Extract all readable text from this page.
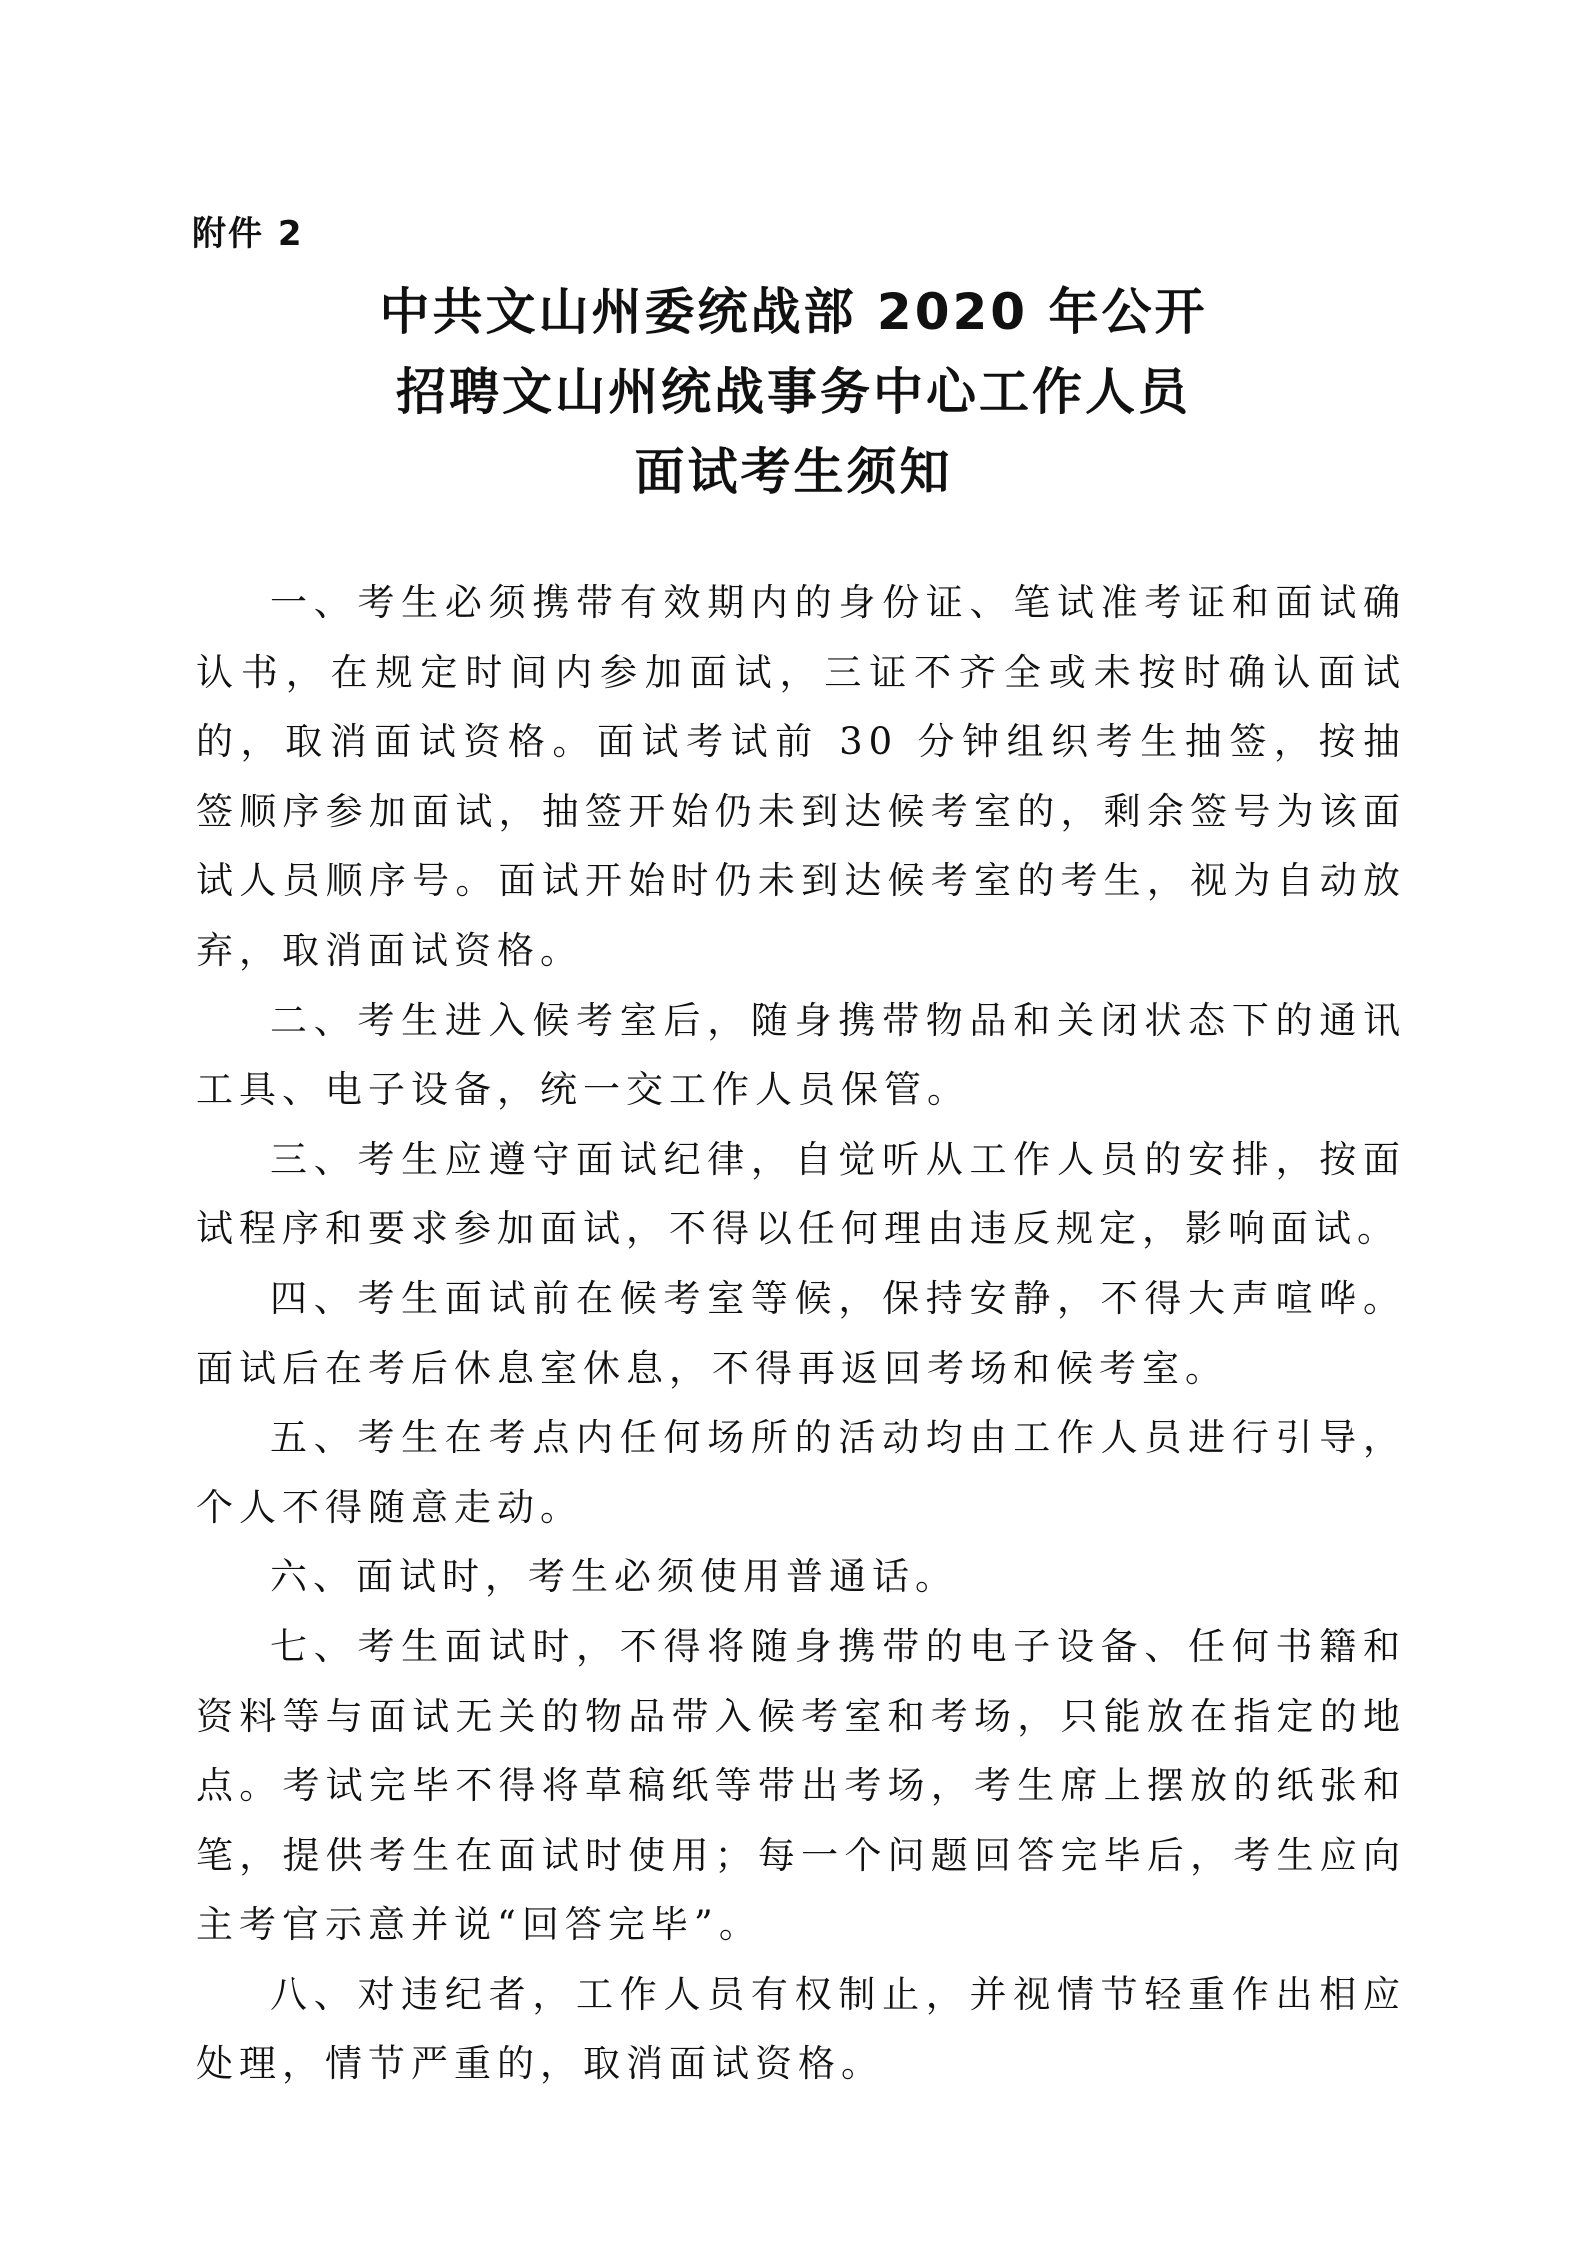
附件 2
中共文山州委统战部 2020 年公开
招聘文山州统战事务中心工作人员
面试考生须知

一、考生必须携带有效期内的身份证、笔试准考证和面试确认书，在规定时间内参加面试，三证不齐全或未按时确认面试的，取消面试资格。面试考试前 30 分钟组织考生抽签，按抽签顺序参加面试，抽签开始仍未到达候考室的，剩余签号为该面试人员顺序号。面试开始时仍未到达候考室的考生，视为自动放弃，取消面试资格。

二、考生进入候考室后，随身携带物品和关闭状态下的通讯工具、电子设备，统一交工作人员保管。

三、考生应遵守面试纪律，自觉听从工作人员的安排，按面试程序和要求参加面试，不得以任何理由违反规定，影响面试。

四、考生面试前在候考室等候，保持安静，不得大声喧哗。面试后在考后休息室休息，不得再返回考场和候考室。

五、考生在考点内任何场所的活动均由工作人员进行引导，个人不得随意走动。

六、面试时，考生必须使用普通话。

七、考生面试时，不得将随身携带的电子设备、任何书籍和资料等与面试无关的物品带入候考室和考场，只能放在指定的地点。考试完毕不得将草稿纸等带出考场，考生席上摆放的纸张和笔，提供考生在面试时使用；每一个问题回答完毕后，考生应向主考官示意并说“回答完毕”。

八、对违纪者，工作人员有权制止，并视情节轻重作出相应处理，情节严重的，取消面试资格。
